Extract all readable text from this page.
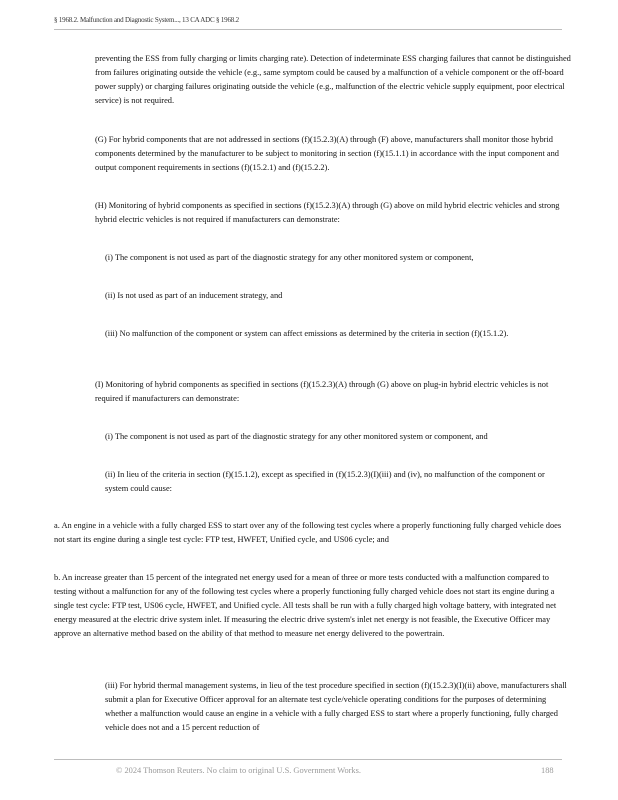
§ 1968.2. Malfunction and Diagnostic System..., 13 CA ADC § 1968.2

preventing the ESS from fully charging or limits charging rate). Detection of indeterminate ESS charging failures that cannot be distinguished from failures originating outside the vehicle (e.g., same symptom could be caused by a malfunction of a vehicle component or the off-board power supply) or charging failures originating outside the vehicle (e.g., malfunction of the electric vehicle supply equipment, poor electrical service) is not required.

(G) For hybrid components that are not addressed in sections (f)(15.2.3)(A) through (F) above, manufacturers shall monitor those hybrid components determined by the manufacturer to be subject to monitoring in section (f)(15.1.1) in accordance with the input component and output component requirements in sections (f)(15.2.1) and (f)(15.2.2).

(H) Monitoring of hybrid components as specified in sections (f)(15.2.3)(A) through (G) above on mild hybrid electric vehicles and strong hybrid electric vehicles is not required if manufacturers can demonstrate:

(i) The component is not used as part of the diagnostic strategy for any other monitored system or component,

(ii) Is not used as part of an inducement strategy, and

(iii) No malfunction of the component or system can affect emissions as determined by the criteria in section (f)(15.1.2).

(I) Monitoring of hybrid components as specified in sections (f)(15.2.3)(A) through (G) above on plug-in hybrid electric vehicles is not required if manufacturers can demonstrate:

(i) The component is not used as part of the diagnostic strategy for any other monitored system or component, and

(ii) In lieu of the criteria in section (f)(15.1.2), except as specified in (f)(15.2.3)(I)(iii) and (iv), no malfunction of the component or system could cause:

a. An engine in a vehicle with a fully charged ESS to start over any of the following test cycles where a properly functioning fully charged vehicle does not start its engine during a single test cycle: FTP test, HWFET, Unified cycle, and US06 cycle; and

b. An increase greater than 15 percent of the integrated net energy used for a mean of three or more tests conducted with a malfunction compared to testing without a malfunction for any of the following test cycles where a properly functioning fully charged vehicle does not start its engine during a single test cycle: FTP test, US06 cycle, HWFET, and Unified cycle. All tests shall be run with a fully charged high voltage battery, with integrated net energy measured at the electric drive system inlet. If measuring the electric drive system's inlet net energy is not feasible, the Executive Officer may approve an alternative method based on the ability of that method to measure net energy delivered to the powertrain.

(iii) For hybrid thermal management systems, in lieu of the test procedure specified in section (f)(15.2.3)(I)(ii) above, manufacturers shall submit a plan for Executive Officer approval for an alternate test cycle/vehicle operating conditions for the purposes of determining whether a malfunction would cause an engine in a vehicle with a fully charged ESS to start where a properly functioning, fully charged vehicle does not and a 15 percent reduction of

© 2024 Thomson Reuters. No claim to original U.S. Government Works.	188
